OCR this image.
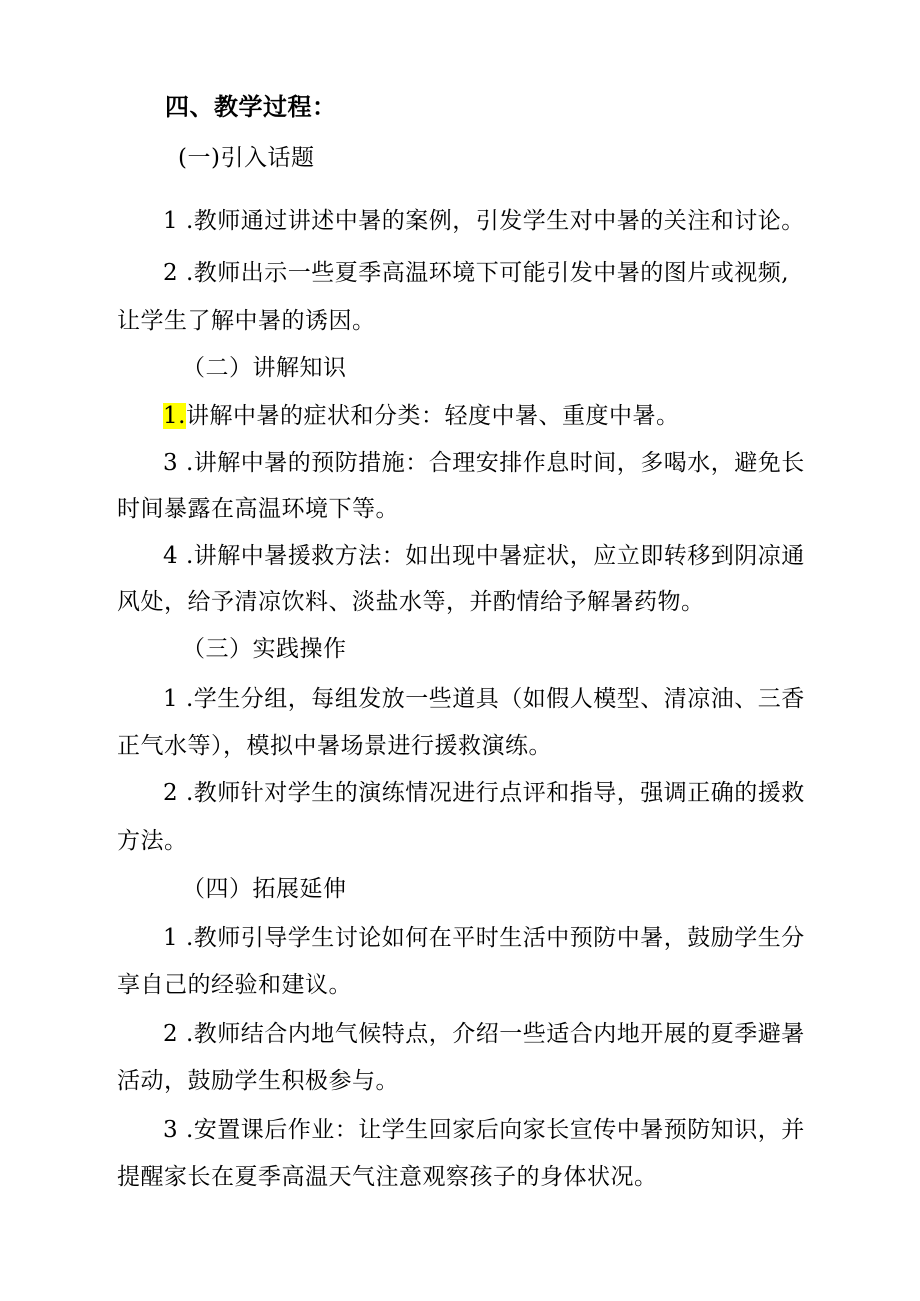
四、教学过程：
(一)引入话题
1 .教师通过讲述中暑的案例，引发学生对中暑的关注和讨论。
2 .教师出示一些夏季高温环境下可能引发中暑的图片或视频,
让学生了解中暑的诱因。
（二）讲解知识
1.讲解中暑的症状和分类：轻度中暑、重度中暑。
3 .讲解中暑的预防措施：合理安排作息时间，多喝水，避免长
时间暴露在高温环境下等。
4 .讲解中暑援救方法：如出现中暑症状，应立即转移到阴凉通
风处，给予清凉饮料、淡盐水等，并酌情给予解暑药物。
（三）实践操作
1 .学生分组，每组发放一些道具（如假人模型、清凉油、三香
正气水等），模拟中暑场景进行援救演练。
2 .教师针对学生的演练情况进行点评和指导，强调正确的援救
方法。
（四）拓展延伸
1 .教师引导学生讨论如何在平时生活中预防中暑，鼓励学生分
享自己的经验和建议。
2 .教师结合内地气候特点，介绍一些适合内地开展的夏季避暑
活动，鼓励学生积极参与。
3 .安置课后作业：让学生回家后向家长宣传中暑预防知识，并
提醒家长在夏季高温天气注意观察孩子的身体状况。
